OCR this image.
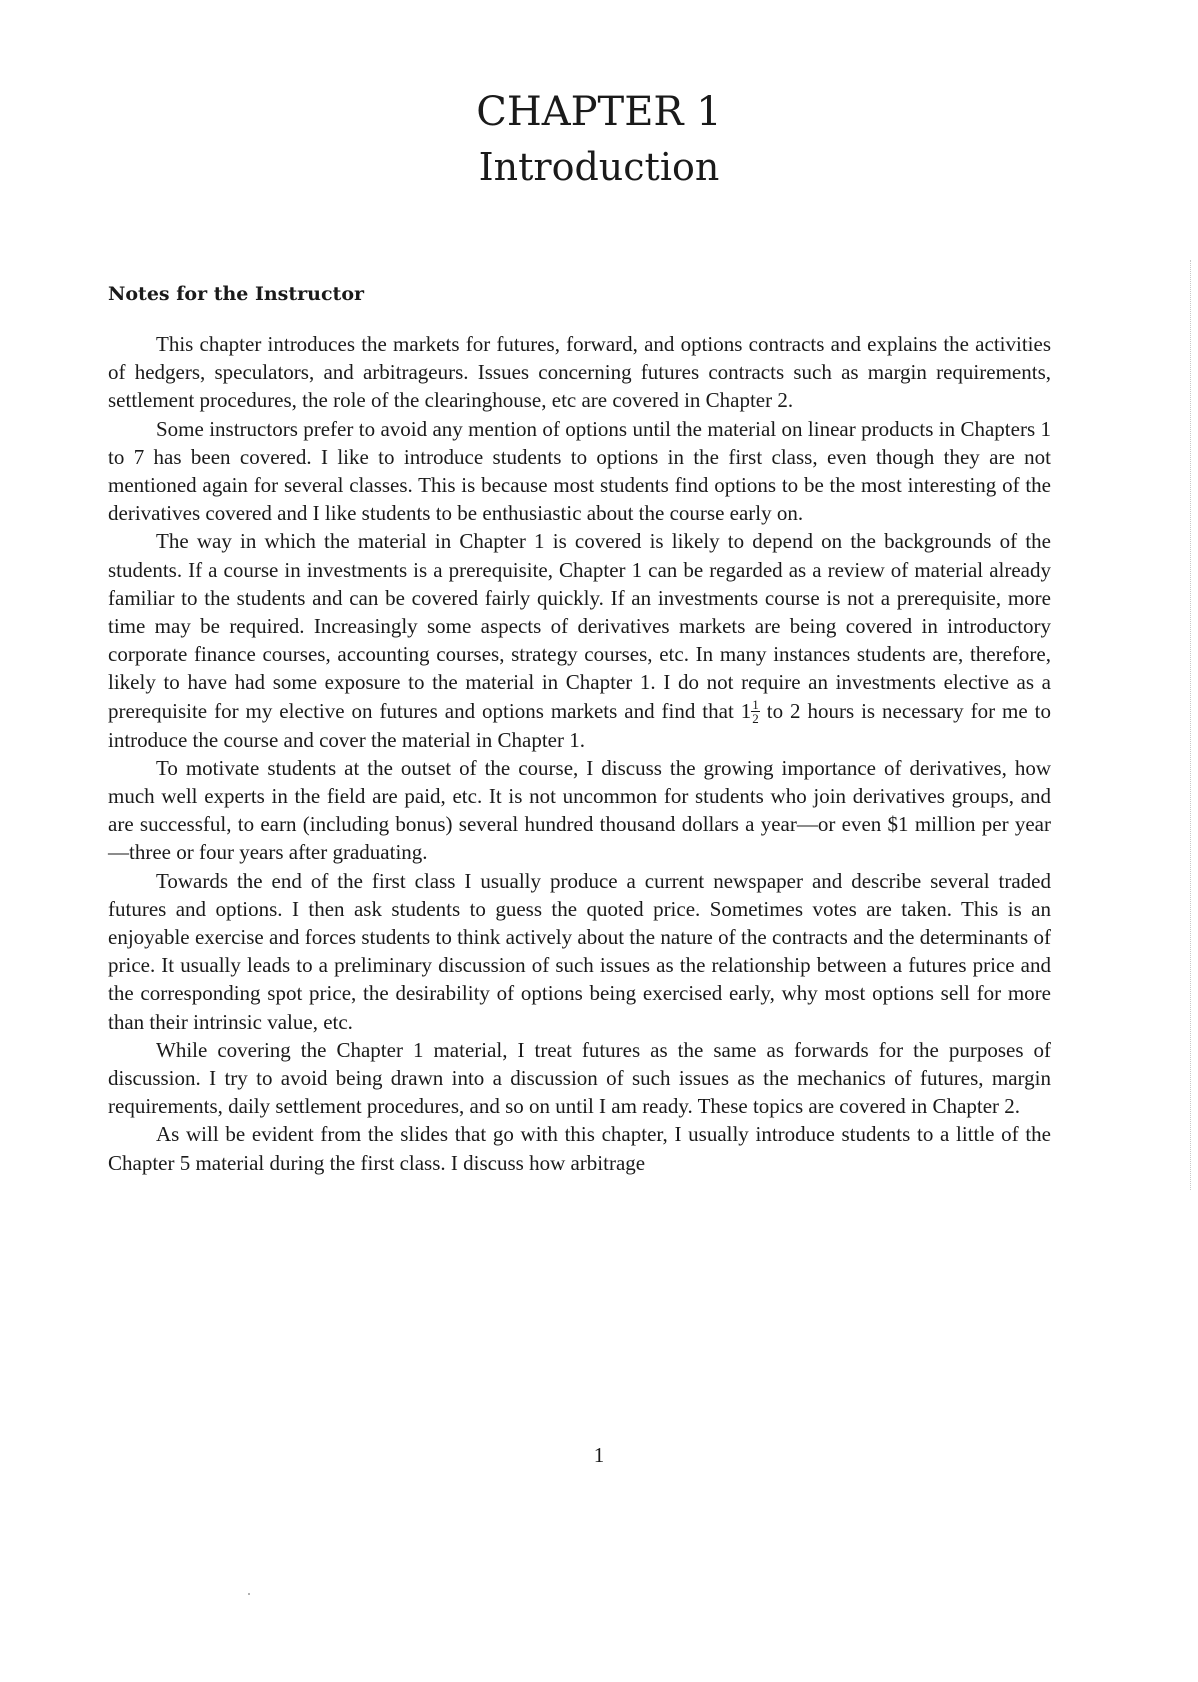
CHAPTER 1
Introduction
Notes for the Instructor

This chapter introduces the markets for futures, forward, and options contracts and explains the activities of hedgers, speculators, and arbitrageurs. Issues concerning futures contracts such as margin requirements, settlement procedures, the role of the clearinghouse, etc are covered in Chapter 2.

Some instructors prefer to avoid any mention of options until the material on linear products in Chapters 1 to 7 has been covered. I like to introduce students to options in the first class, even though they are not mentioned again for several classes. This is because most students find options to be the most interesting of the derivatives covered and I like students to be enthusiastic about the course early on.

The way in which the material in Chapter 1 is covered is likely to depend on the backgrounds of the students. If a course in investments is a prerequisite, Chapter 1 can be regarded as a review of material already familiar to the students and can be covered fairly quickly. If an investments course is not a prerequisite, more time may be required. Increasingly some aspects of derivatives markets are being covered in introductory corporate finance courses, accounting courses, strategy courses, etc. In many instances students are, therefore, likely to have had some exposure to the material in Chapter 1. I do not require an investments elective as a prerequisite for my elective on futures and options markets and find that $1 \frac{1}{2}$ to 2 hours is necessary for me to introduce the course and cover the material in Chapter 1.

To motivate students at the outset of the course, I discuss the growing importance of derivatives, how much well experts in the field are paid, etc. It is not uncommon for students who join derivatives groups, and are successful, to earn (including bonus) several hundred thousand dollars a year—or even $1 million per year—three or four years after graduating.

Towards the end of the first class I usually produce a current newspaper and describe several traded futures and options. I then ask students to guess the quoted price. Sometimes votes are taken. This is an enjoyable exercise and forces students to think actively about the nature of the contracts and the determinants of price. It usually leads to a preliminary discussion of such issues as the relationship between a futures price and the corresponding spot price, the desirability of options being exercised early, why most options sell for more than their intrinsic value, etc.

While covering the Chapter 1 material, I treat futures as the same as forwards for the purposes of discussion. I try to avoid being drawn into a discussion of such issues as the mechanics of futures, margin requirements, daily settlement procedures, and so on until I am ready. These topics are covered in Chapter 2.

As will be evident from the slides that go with this chapter, I usually introduce students to a little of the Chapter 5 material during the first class. I discuss how arbitrage

1
